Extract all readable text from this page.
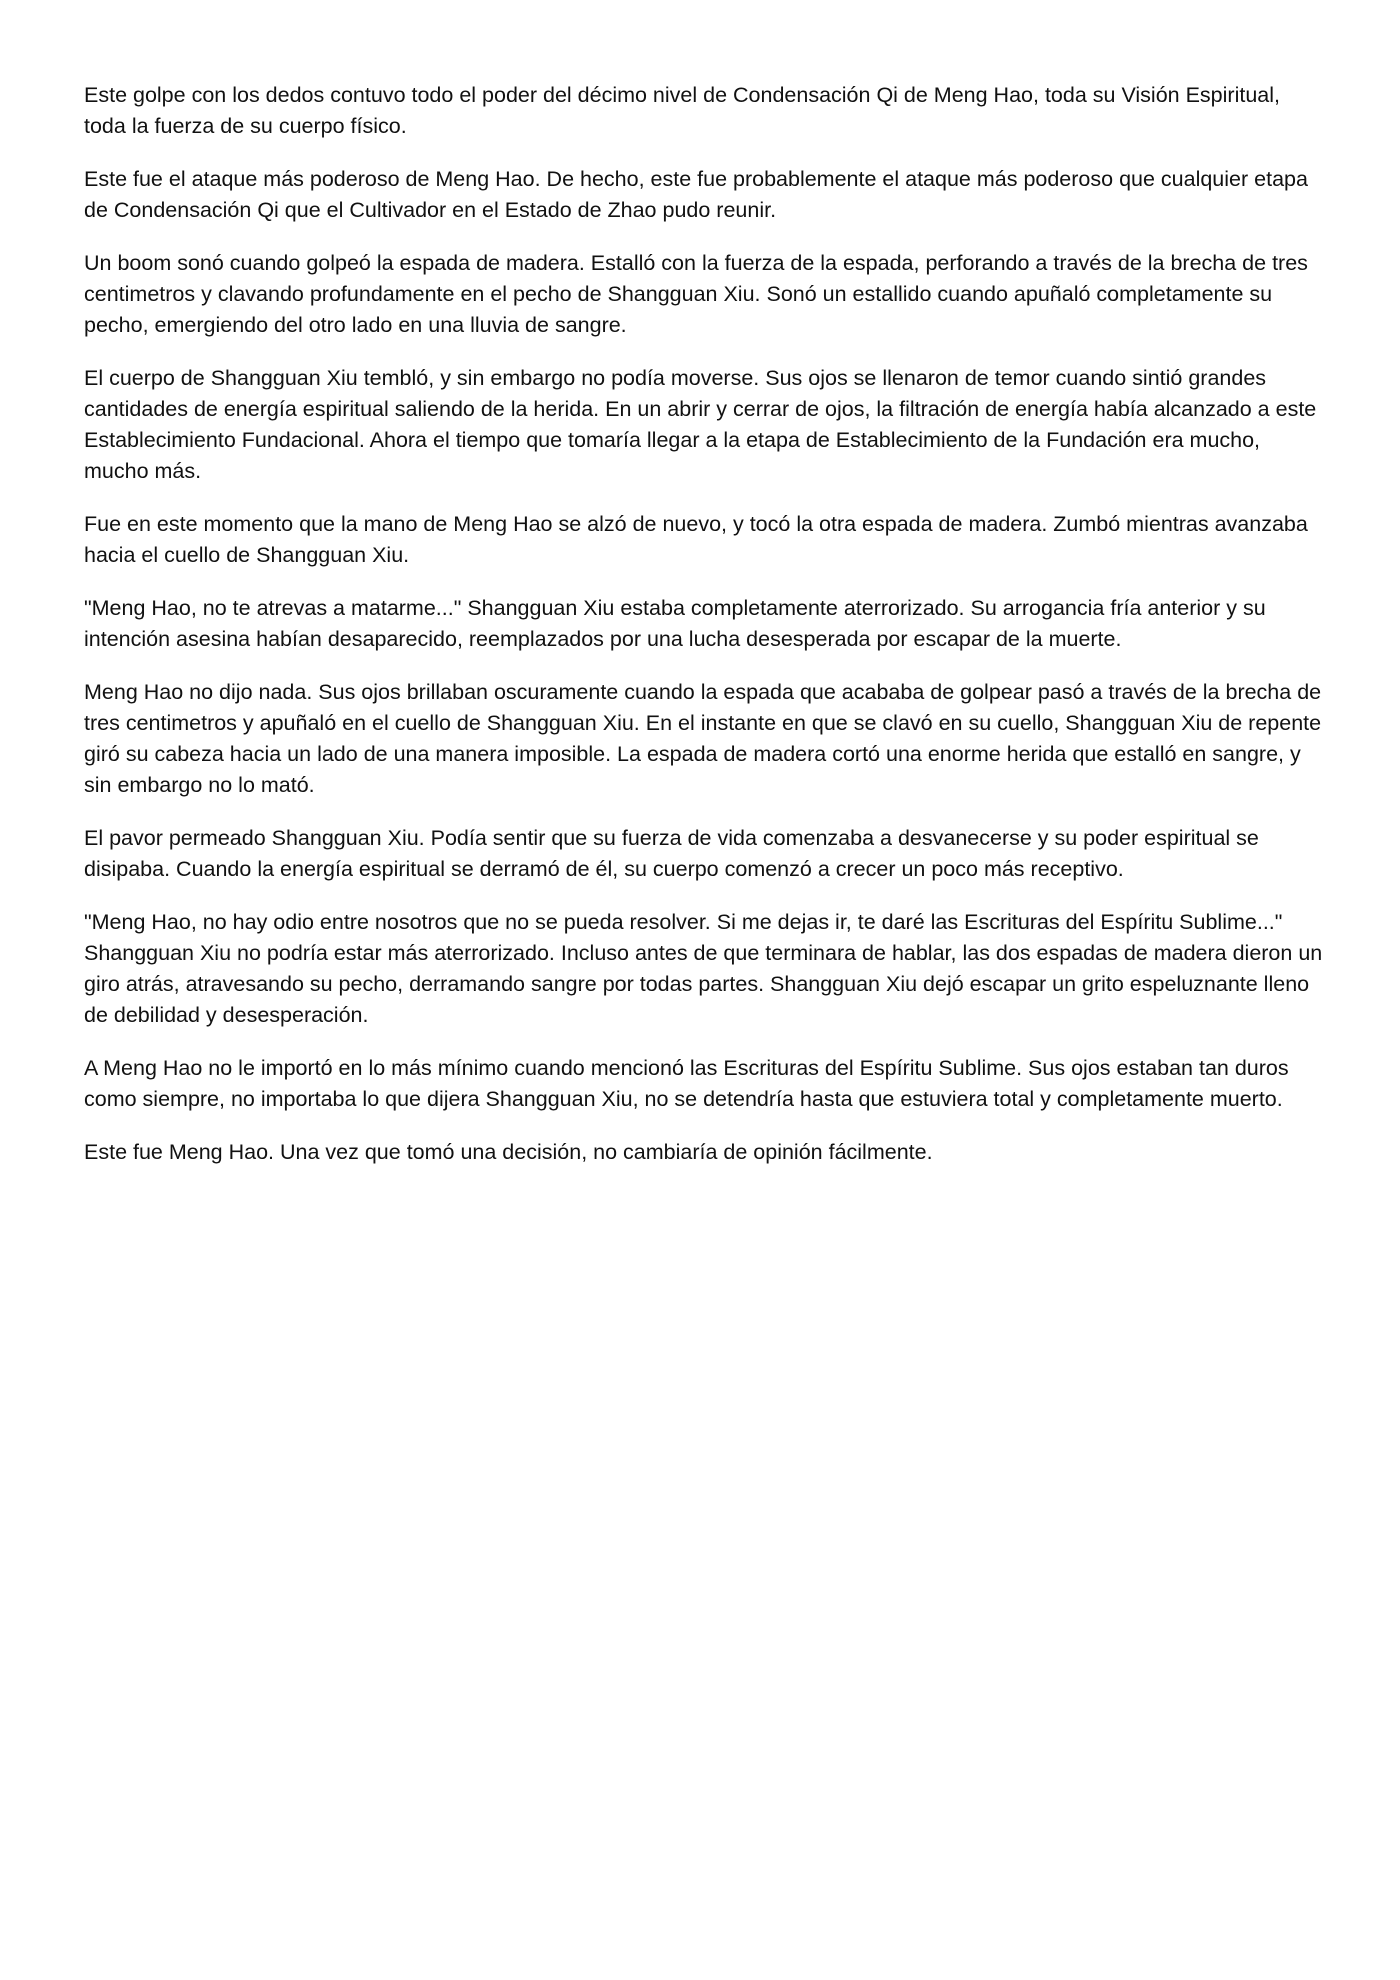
Este golpe con los dedos contuvo todo el poder del décimo nivel de Condensación Qi de Meng Hao, toda su Visión Espiritual, toda la fuerza de su cuerpo físico.

Este fue el ataque más poderoso de Meng Hao. De hecho, este fue probablemente el ataque más poderoso que cualquier etapa de Condensación Qi que el Cultivador en el Estado de Zhao pudo reunir.

Un boom sonó cuando golpeó la espada de madera. Estalló con la fuerza de la espada, perforando a través de la brecha de tres centimetros y clavando profundamente en el pecho de Shangguan Xiu. Sonó un estallido cuando apuñaló completamente su pecho, emergiendo del otro lado en una lluvia de sangre.

El cuerpo de Shangguan Xiu tembló, y sin embargo no podía moverse. Sus ojos se llenaron de temor cuando sintió grandes cantidades de energía espiritual saliendo de la herida. En un abrir y cerrar de ojos, la filtración de energía había alcanzado a este Establecimiento Fundacional. Ahora el tiempo que tomaría llegar a la etapa de Establecimiento de la Fundación era mucho, mucho más.

Fue en este momento que la mano de Meng Hao se alzó de nuevo, y tocó la otra espada de madera. Zumbó mientras avanzaba hacia el cuello de Shangguan Xiu.

"Meng Hao, no te atrevas a matarme..." Shangguan Xiu estaba completamente aterrorizado. Su arrogancia fría anterior y su intención asesina habían desaparecido, reemplazados por una lucha desesperada por escapar de la muerte.

Meng Hao no dijo nada. Sus ojos brillaban oscuramente cuando la espada que acababa de golpear pasó a través de la brecha de tres centimetros y apuñaló en el cuello de Shangguan Xiu. En el instante en que se clavó en su cuello, Shangguan Xiu de repente giró su cabeza hacia un lado de una manera imposible. La espada de madera cortó una enorme herida que estalló en sangre, y sin embargo no lo mató.

El pavor permeado Shangguan Xiu. Podía sentir que su fuerza de vida comenzaba a desvanecerse y su poder espiritual se disipaba. Cuando la energía espiritual se derramó de él, su cuerpo comenzó a crecer un poco más receptivo.

"Meng Hao, no hay odio entre nosotros que no se pueda resolver. Si me dejas ir, te daré las Escrituras del Espíritu Sublime..." Shangguan Xiu no podría estar más aterrorizado. Incluso antes de que terminara de hablar, las dos espadas de madera dieron un giro atrás, atravesando su pecho, derramando sangre por todas partes. Shangguan Xiu dejó escapar un grito espeluznante lleno de debilidad y desesperación.

A Meng Hao no le importó en lo más mínimo cuando mencionó las Escrituras del Espíritu Sublime. Sus ojos estaban tan duros como siempre, no importaba lo que dijera Shangguan Xiu, no se detendría hasta que estuviera total y completamente muerto.

Este fue Meng Hao. Una vez que tomó una decisión, no cambiaría de opinión fácilmente.
